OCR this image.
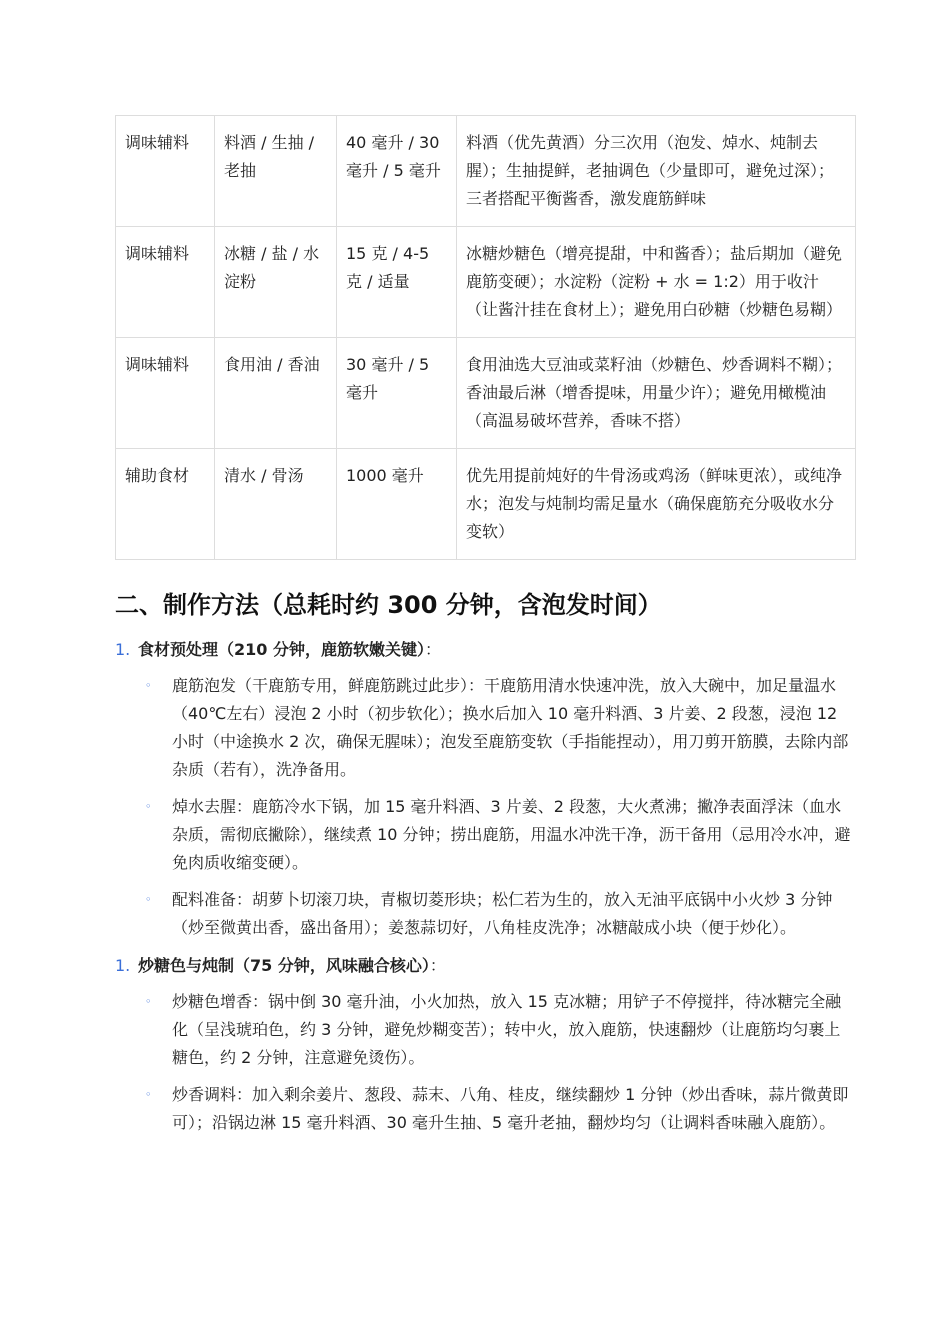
调味辅料	料酒 / 生抽 / 老抽	40 毫升 / 30 毫升 / 5 毫升	料酒（优先黄酒）分三次用（泡发、焯水、炖制去腥）；生抽提鲜，老抽调色（少量即可，避免过深）；三者搭配平衡酱香，激发鹿筋鲜味
调味辅料	冰糖 / 盐 / 水淀粉	15 克 / 4-5 克 / 适量	冰糖炒糖色（增亮提甜，中和酱香）；盐后期加（避免鹿筋变硬）；水淀粉（淀粉 + 水 = 1:2）用于收汁（让酱汁挂在食材上）；避免用白砂糖（炒糖色易糊）
调味辅料	食用油 / 香油	30 毫升 / 5 毫升	食用油选大豆油或菜籽油（炒糖色、炒香调料不糊）；香油最后淋（增香提味，用量少许）；避免用橄榄油（高温易破坏营养，香味不搭）
辅助食材	清水 / 骨汤	1000 毫升	优先用提前炖好的牛骨汤或鸡汤（鲜味更浓），或纯净水；泡发与炖制均需足量水（确保鹿筋充分吸收水分变软）
二、制作方法（总耗时约 300 分钟，含泡发时间）
1. 食材预处理（210 分钟，鹿筋软嫩关键）：
◦	鹿筋泡发（干鹿筋专用，鲜鹿筋跳过此步）：干鹿筋用清水快速冲洗，放入大碗中，加足量温水（40℃左右）浸泡 2 小时（初步软化）；换水后加入 10 毫升料酒、3 片姜、2 段葱，浸泡 12 小时（中途换水 2 次，确保无腥味）；泡发至鹿筋变软（手指能捏动），用刀剪开筋膜，去除内部杂质（若有），洗净备用。
◦	焯水去腥：鹿筋冷水下锅，加 15 毫升料酒、3 片姜、2 段葱，大火煮沸；撇净表面浮沫（血水杂质，需彻底撇除），继续煮 10 分钟；捞出鹿筋，用温水冲洗干净，沥干备用（忌用冷水冲，避免肉质收缩变硬）。
◦	配料准备：胡萝卜切滚刀块，青椒切菱形块；松仁若为生的，放入无油平底锅中小火炒 3 分钟（炒至微黄出香，盛出备用）；姜葱蒜切好，八角桂皮洗净；冰糖敲成小块（便于炒化）。
1. 炒糖色与炖制（75 分钟，风味融合核心）：
◦	炒糖色增香：锅中倒 30 毫升油，小火加热，放入 15 克冰糖；用铲子不停搅拌，待冰糖完全融化（呈浅琥珀色，约 3 分钟，避免炒糊变苦）；转中火，放入鹿筋，快速翻炒（让鹿筋均匀裹上糖色，约 2 分钟，注意避免烫伤）。
◦	炒香调料：加入剩余姜片、葱段、蒜末、八角、桂皮，继续翻炒 1 分钟（炒出香味，蒜片微黄即可）；沿锅边淋 15 毫升料酒、30 毫升生抽、5 毫升老抽，翻炒均匀（让调料香味融入鹿筋）。
